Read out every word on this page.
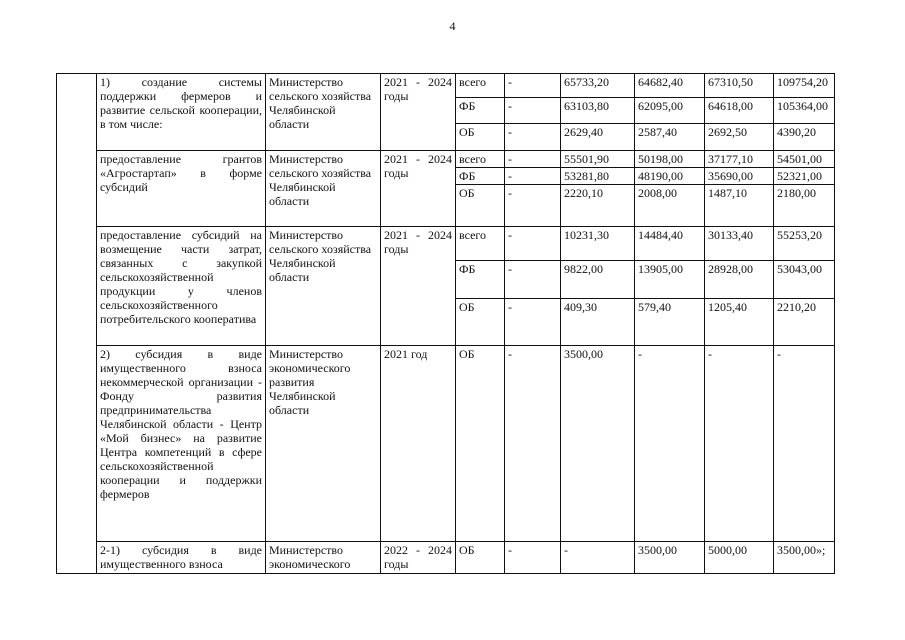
4
	1) создание системы поддержки фермеров и развитие сельской кооперации, в том числе:	Министерство сельского хозяйства Челябинской области	2021 - 2024 годы	всего	-	65733,20	64682,40	67310,50	109754,20
				ФБ	-	63103,80	62095,00	64618,00	105364,00
				ОБ	-	2629,40	2587,40	2692,50	4390,20
	предоставление грантов «Агростартап» в форме субсидий	Министерство сельского хозяйства Челябинской области	2021 - 2024 годы	всего	-	55501,90	50198,00	37177,10	54501,00
				ФБ	-	53281,80	48190,00	35690,00	52321,00
				ОБ	-	2220,10	2008,00	1487,10	2180,00
	предоставление субсидий на возмещение части затрат, связанных с закупкой сельскохозяйственной продукции у членов сельскохозяйственного потребительского кооператива	Министерство сельского хозяйства Челябинской области	2021 - 2024 годы	всего	-	10231,30	14484,40	30133,40	55253,20
				ФБ	-	9822,00	13905,00	28928,00	53043,00
				ОБ	-	409,30	579,40	1205,40	2210,20
	2) субсидия в виде имущественного взноса некоммерческой организации - Фонду развития предпринимательства Челябинской области - Центр «Мой бизнес» на развитие Центра компетенций в сфере сельскохозяйственной кооперации и поддержки фермеров	Министерство экономического развития Челябинской области	2021 год	ОБ	-	3500,00	-	-	-
	2-1) субсидия в виде имущественного взноса	Министерство экономического	2022 - 2024 годы	ОБ	-	-	3500,00	5000,00	3500,00»;
